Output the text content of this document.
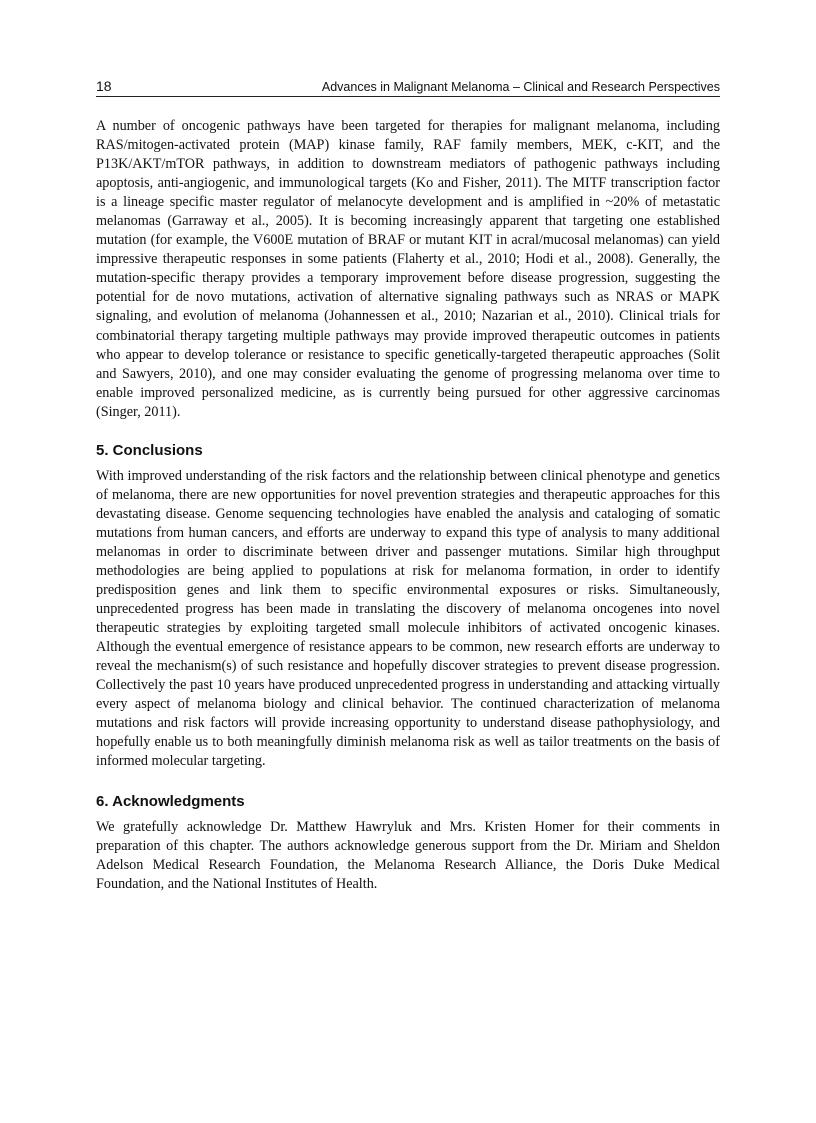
18	Advances in Malignant Melanoma – Clinical and Research Perspectives

A number of oncogenic pathways have been targeted for therapies for malignant melanoma, including RAS/mitogen-activated protein (MAP) kinase family, RAF family members, MEK, c-KIT, and the P13K/AKT/mTOR pathways, in addition to downstream mediators of pathogenic pathways including apoptosis, anti-angiogenic, and immunological targets (Ko and Fisher, 2011). The MITF transcription factor is a lineage specific master regulator of melanocyte development and is amplified in ~20% of metastatic melanomas (Garraway et al., 2005). It is becoming increasingly apparent that targeting one established mutation (for example, the V600E mutation of BRAF or mutant KIT in acral/mucosal melanomas) can yield impressive therapeutic responses in some patients (Flaherty et al., 2010; Hodi et al., 2008). Generally, the mutation-specific therapy provides a temporary improvement before disease progression, suggesting the potential for de novo mutations, activation of alternative signaling pathways such as NRAS or MAPK signaling, and evolution of melanoma (Johannessen et al., 2010; Nazarian et al., 2010). Clinical trials for combinatorial therapy targeting multiple pathways may provide improved therapeutic outcomes in patients who appear to develop tolerance or resistance to specific genetically-targeted therapeutic approaches (Solit and Sawyers, 2010), and one may consider evaluating the genome of progressing melanoma over time to enable improved personalized medicine, as is currently being pursued for other aggressive carcinomas (Singer, 2011).

5. Conclusions

With improved understanding of the risk factors and the relationship between clinical phenotype and genetics of melanoma, there are new opportunities for novel prevention strategies and therapeutic approaches for this devastating disease. Genome sequencing technologies have enabled the analysis and cataloging of somatic mutations from human cancers, and efforts are underway to expand this type of analysis to many additional melanomas in order to discriminate between driver and passenger mutations. Similar high throughput methodologies are being applied to populations at risk for melanoma formation, in order to identify predisposition genes and link them to specific environmental exposures or risks. Simultaneously, unprecedented progress has been made in translating the discovery of melanoma oncogenes into novel therapeutic strategies by exploiting targeted small molecule inhibitors of activated oncogenic kinases. Although the eventual emergence of resistance appears to be common, new research efforts are underway to reveal the mechanism(s) of such resistance and hopefully discover strategies to prevent disease progression. Collectively the past 10 years have produced unprecedented progress in understanding and attacking virtually every aspect of melanoma biology and clinical behavior. The continued characterization of melanoma mutations and risk factors will provide increasing opportunity to understand disease pathophysiology, and hopefully enable us to both meaningfully diminish melanoma risk as well as tailor treatments on the basis of informed molecular targeting.

6. Acknowledgments

We gratefully acknowledge Dr. Matthew Hawryluk and Mrs. Kristen Homer for their comments in preparation of this chapter. The authors acknowledge generous support from the Dr. Miriam and Sheldon Adelson Medical Research Foundation, the Melanoma Research Alliance, the Doris Duke Medical Foundation, and the National Institutes of Health.
